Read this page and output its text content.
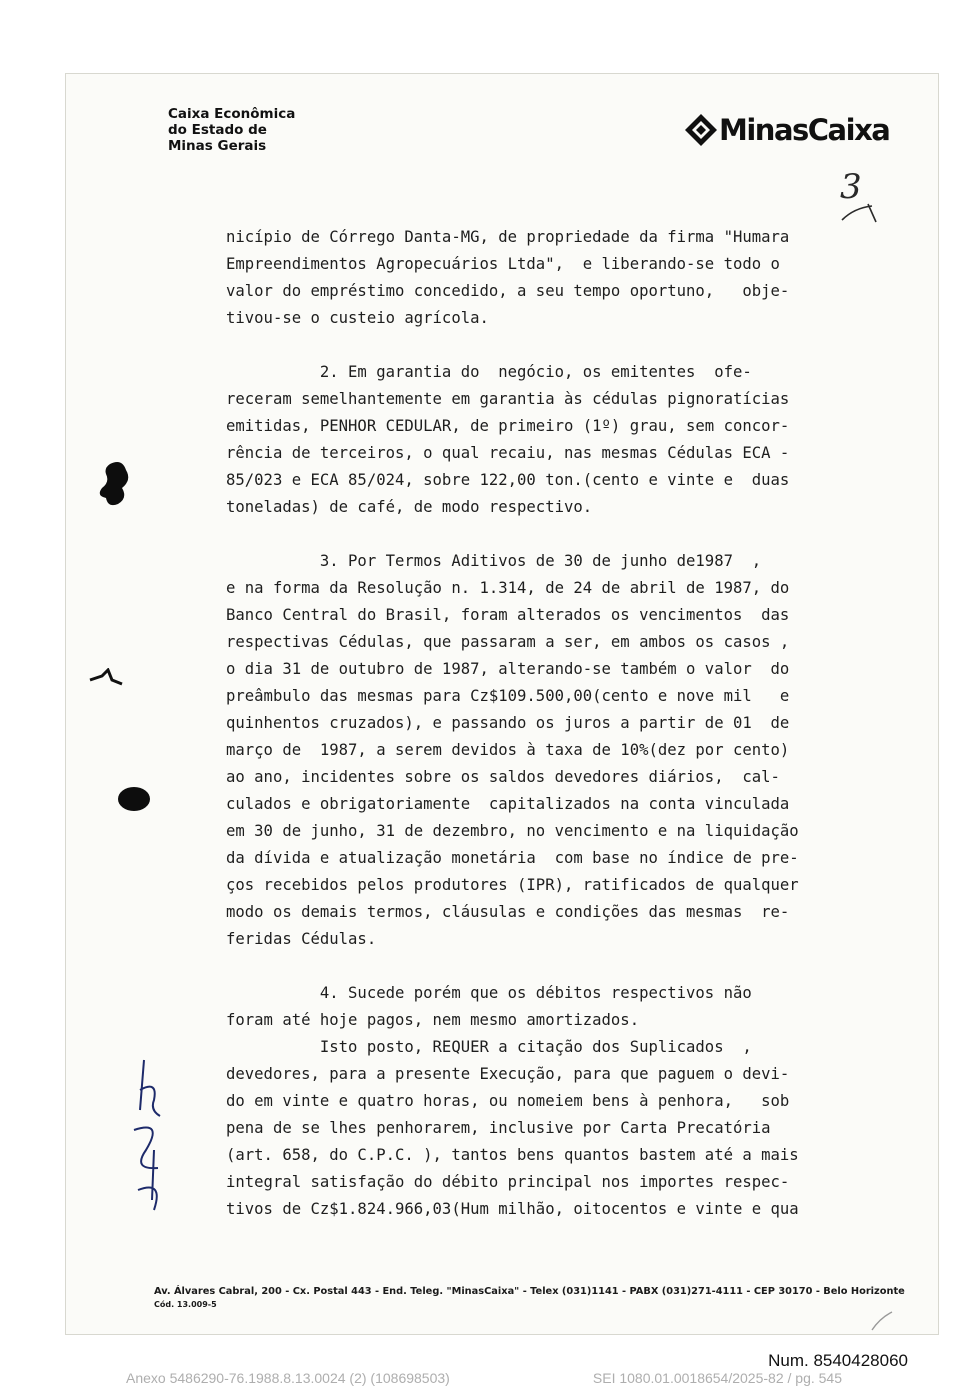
Caixa Econômica
do Estado de
Minas Gerais	MinasCaixa
3
nicípio de Córrego Danta-MG, de propriedade da firma "Humara
Empreendimentos Agropecuários Ltda",  e liberando-se todo o
valor do empréstimo concedido, a seu tempo oportuno,   obje-
tivou-se o custeio agrícola.
2. Em garantia do  negócio, os emitentes  ofe-
receram semelhantemente em garantia às cédulas pignoratícias
emitidas, PENHOR CEDULAR, de primeiro (1º) grau, sem concor-
rência de terceiros, o qual recaiu, nas mesmas Cédulas ECA -
85/023 e ECA 85/024, sobre 122,00 ton.(cento e vinte e  duas
toneladas) de café, de modo respectivo.
3. Por Termos Aditivos de 30 de junho de1987  ,
e na forma da Resolução n. 1.314, de 24 de abril de 1987, do
Banco Central do Brasil, foram alterados os vencimentos  das
respectivas Cédulas, que passaram a ser, em ambos os casos ,
o dia 31 de outubro de 1987, alterando-se também o valor  do
preâmbulo das mesmas para Cz$109.500,00(cento e nove mil   e
quinhentos cruzados), e passando os juros a partir de 01  de
março de  1987, a serem devidos à taxa de 10%(dez por cento)
ao ano, incidentes sobre os saldos devedores diários,  cal-
culados e obrigatoriamente  capitalizados na conta vinculada
em 30 de junho, 31 de dezembro, no vencimento e na liquidação
da dívida e atualização monetária  com base no índice de pre-
ços recebidos pelos produtores (IPR), ratificados de qualquer
modo os demais termos, cláusulas e condições das mesmas  re-
feridas Cédulas.
4. Sucede porém que os débitos respectivos não
foram até hoje pagos, nem mesmo amortizados.
Isto posto, REQUER a citação dos Suplicados  ,
devedores, para a presente Execução, para que paguem o devi-
do em vinte e quatro horas, ou nomeiem bens à penhora,   sob
pena de se lhes penhorarem, inclusive por Carta Precatória
(art. 658, do C.P.C. ), tantos bens quantos bastem até a mais
integral satisfação do débito principal nos importes respec-
tivos de Cz$1.824.966,03(Hum milhão, oitocentos e vinte e qua
Av. Álvares Cabral, 200 - Cx. Postal 443 - End. Teleg. "MinasCaixa" - Telex (031)1141 - PABX (031)271-4111 - CEP 30170 - Belo Horizonte
Cód. 13.009-5
Num. 8540428060
Anexo 5486290-76.1988.8.13.0024 (2) (108698503)	SEI 1080.01.0018654/2025-82 / pg. 545
